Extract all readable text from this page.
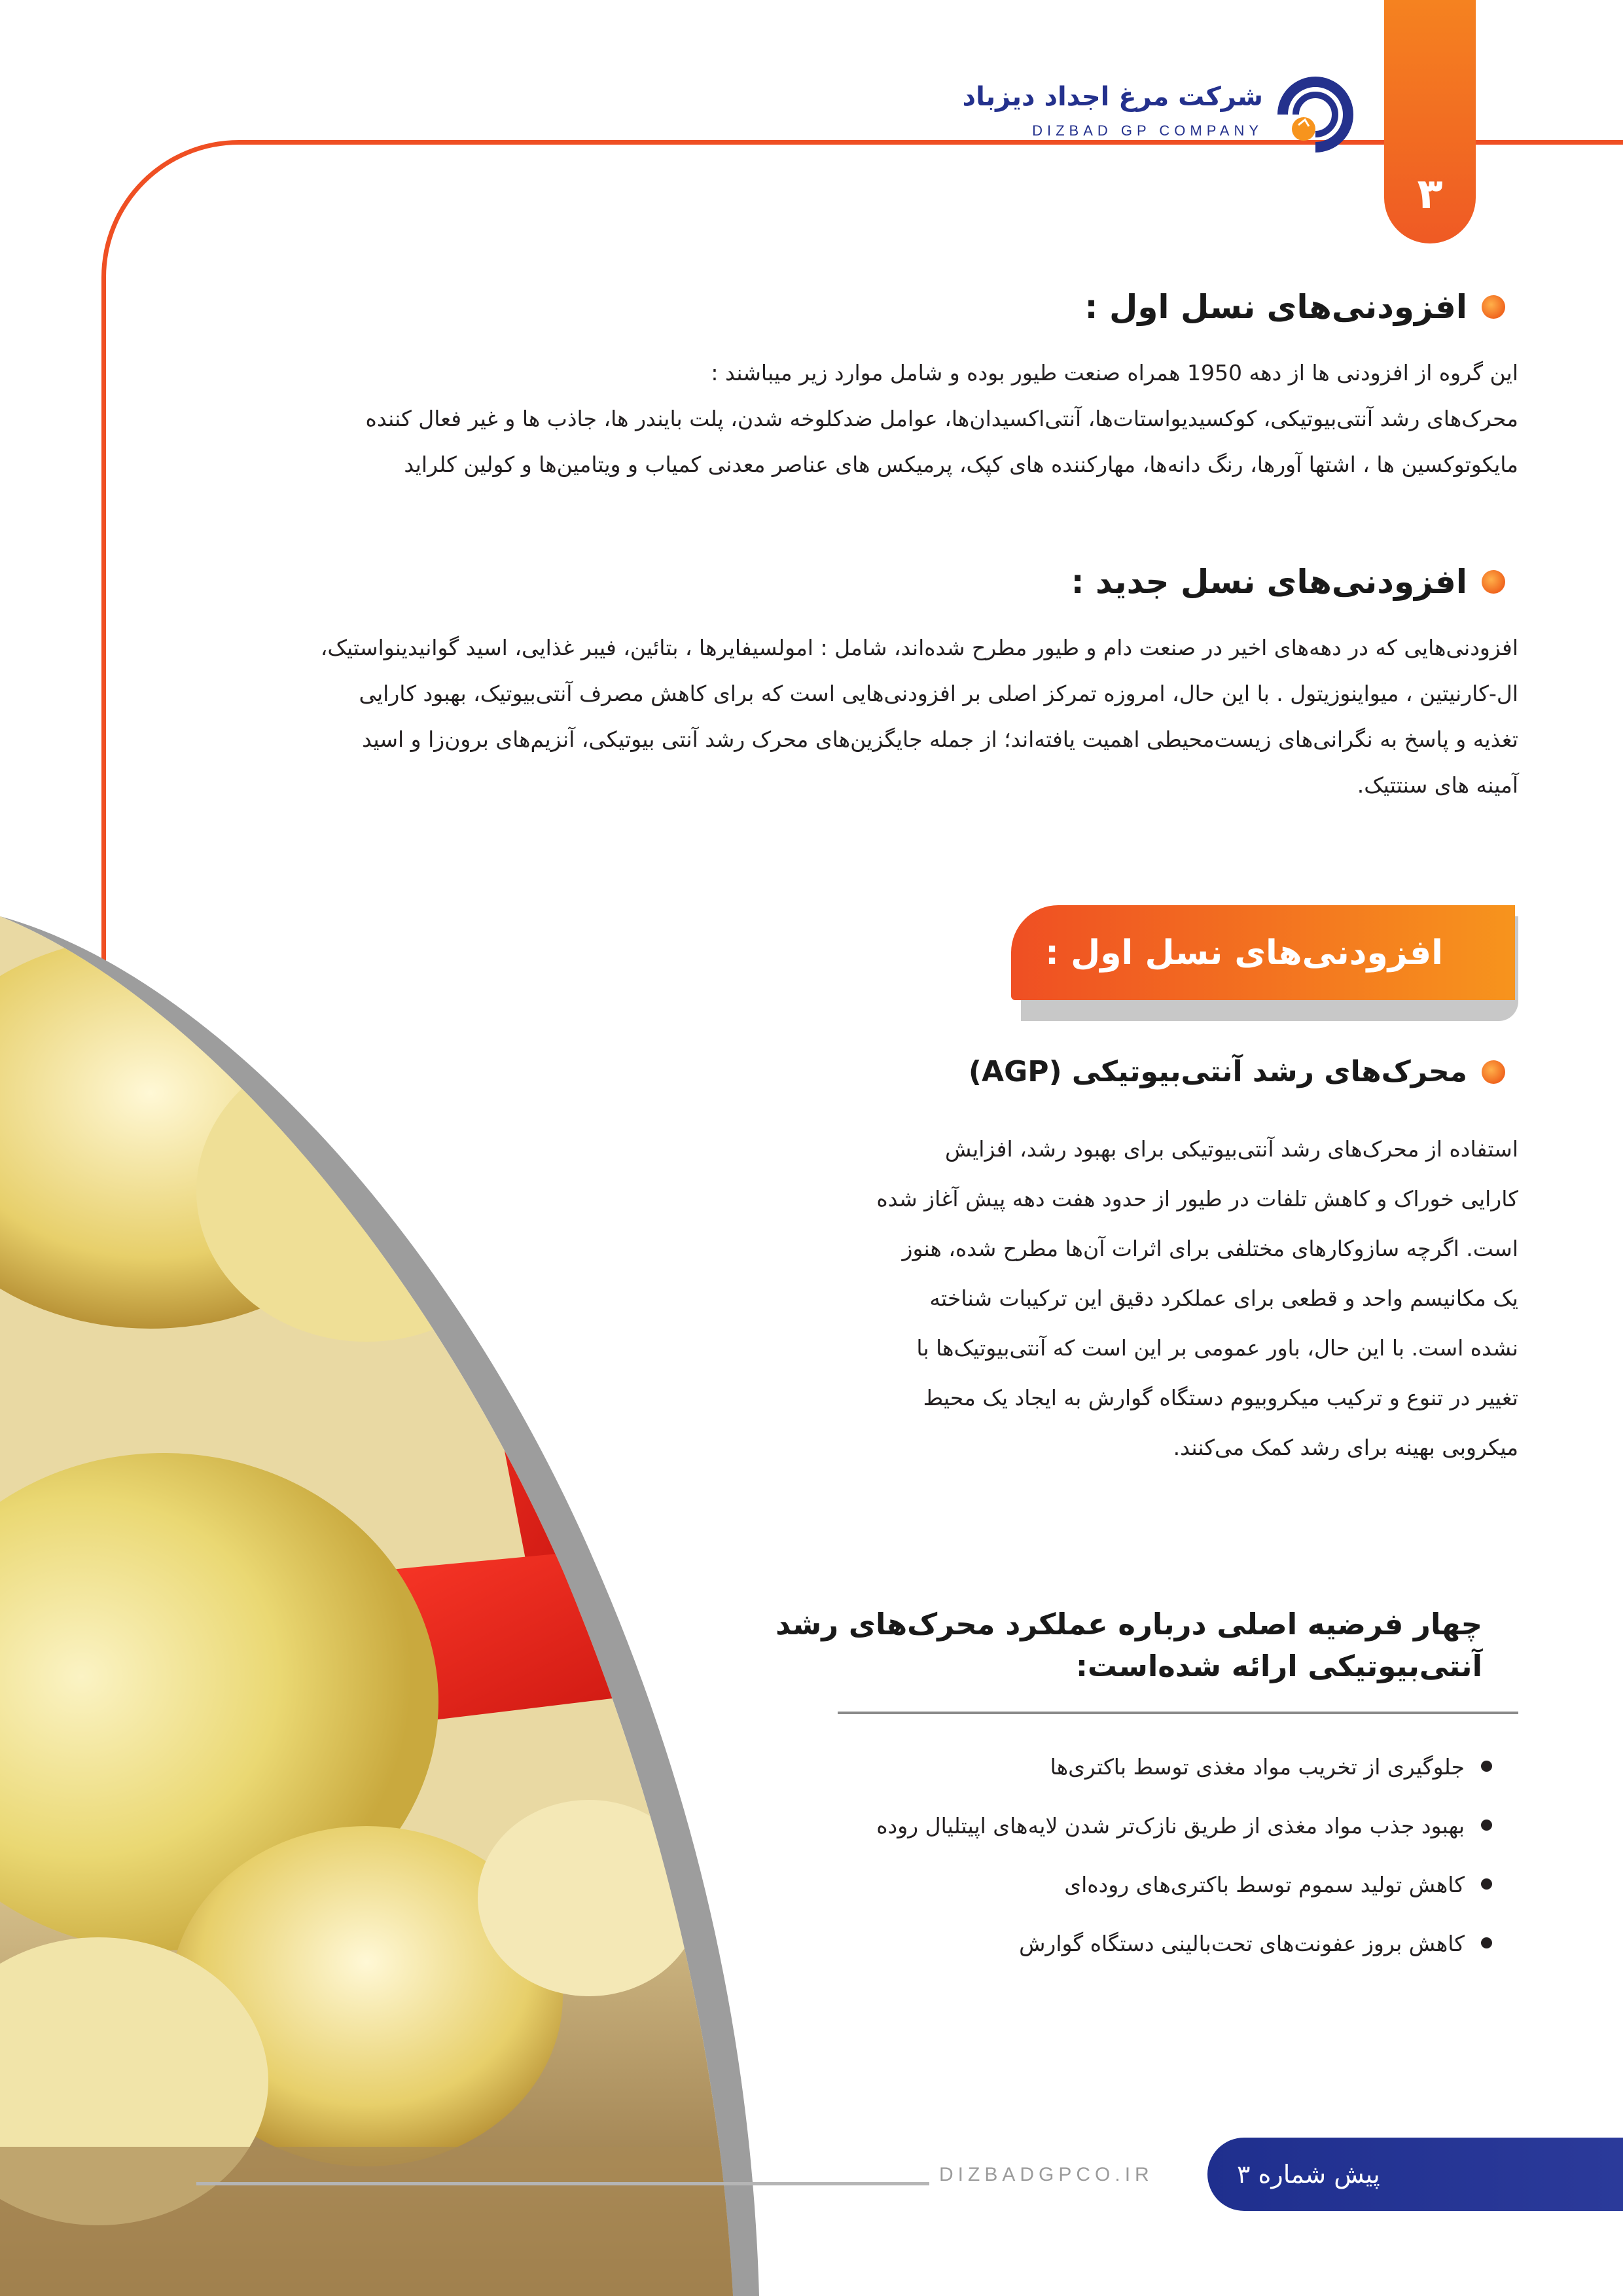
۳
شرکت مرغ اجداد دیزباد
DIZBAD GP COMPANY
افزودنی‌های نسل اول :
این گروه از افزودنی ها از دهه 1950 همراه صنعت طیور بوده و شامل موارد زیر میباشند :
محرک‌های رشد آنتی‌بیوتیکی، کوکسیدیواستات‌ها، آنتی‌اکسیدان‌ها، عوامل ضدکلوخه شدن، پلت بایندر ها، جاذب ها و غیر فعال کننده
مایکوتوکسین ها ، اشتها آورها، رنگ دانه‌ها، مهارکننده های کپک، پرمیکس های عناصر معدنی کمیاب و ویتامین‌ها و کولین کلراید
افزودنی‌های نسل جدید :
افزودنی‌هایی که در دهه‌های اخیر در صنعت دام و طیور مطرح شده‌اند، شامل : امولسیفایرها ، بتائین، فیبر غذایی، اسید گوانیدینواستیک،
ال-کارنیتین ، میواینوزیتول . با این حال، امروزه تمرکز اصلی بر افزودنی‌هایی است که برای کاهش مصرف آنتی‌بیوتیک، بهبود کارایی
تغذیه و پاسخ به نگرانی‌های زیست‌محیطی اهمیت یافته‌اند؛ از جمله جایگزین‌های محرک رشد آنتی بیوتیکی، آنزیم‌های برون‌زا و اسید
آمینه های سنتتیک.
افزودنی‌های نسل اول :
محرک‌های رشد آنتی‌بیوتیکی (AGP)
استفاده از محرک‌های رشد آنتی‌بیوتیکی برای بهبود رشد، افزایش
کارایی خوراک و کاهش تلفات در طیور از حدود هفت دهه پیش آغاز شده
است. اگرچه سازوکارهای مختلفی برای اثرات آن‌ها مطرح شده، هنوز
یک مکانیسم واحد و قطعی برای عملکرد دقیق این ترکیبات شناخته
نشده است. با این حال، باور عمومی بر این است که آنتی‌بیوتیک‌ها با
تغییر در تنوع و ترکیب میکروبیوم دستگاه گوارش به ایجاد یک محیط
میکروبی بهینه برای رشد کمک می‌کنند.
چهار فرضیه اصلی درباره عملکرد محرک‌های رشد
آنتی‌بیوتیکی ارائه شده‌است:
جلوگیری از تخریب مواد مغذی توسط باکتری‌ها
بهبود جذب مواد مغذی از طریق نازک‌تر شدن لایه‌های اپیتلیال روده
کاهش تولید سموم توسط باکتری‌های روده‌ای
کاهش بروز عفونت‌های تحت‌بالینی دستگاه گوارش
DIZBADGPCO.IR	پیش شماره ۳
